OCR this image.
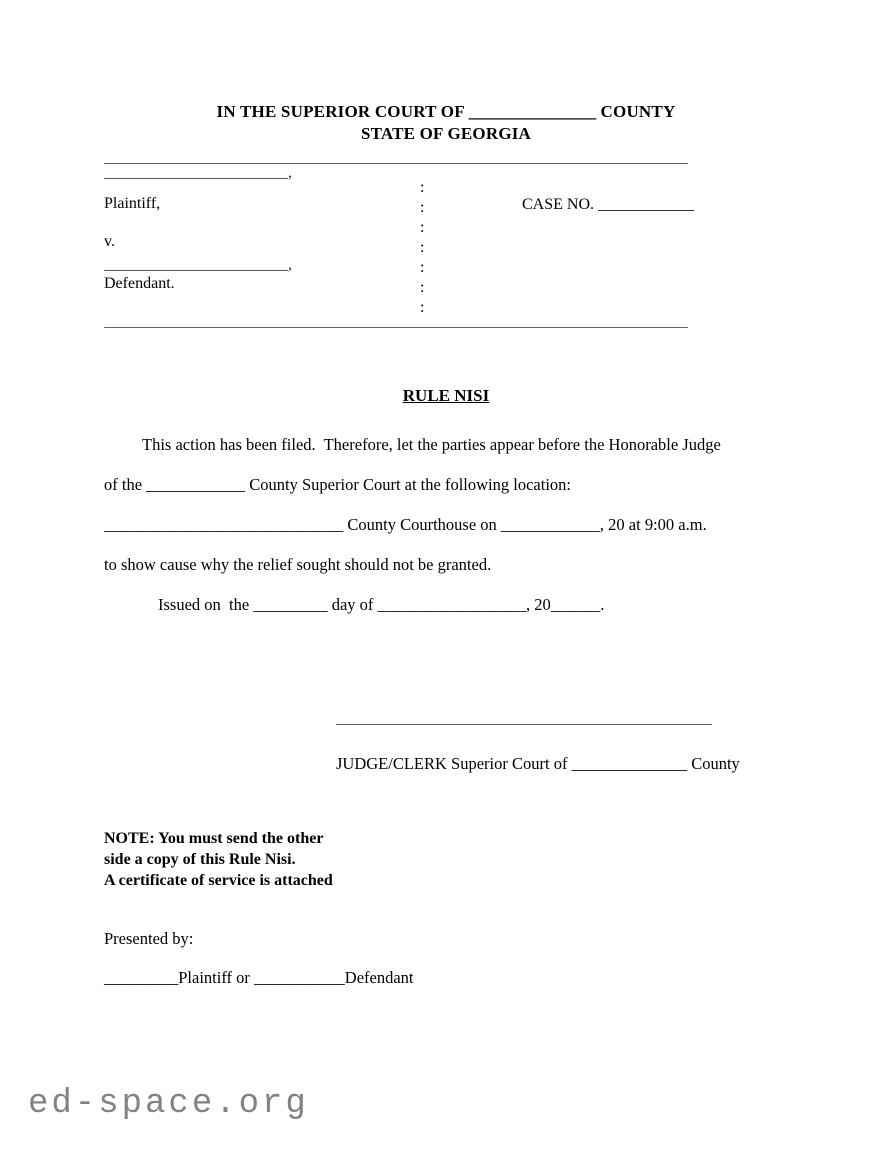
IN THE SUPERIOR COURT OF _______________ COUNTY
STATE OF GEORGIA
_________________________________________________________________________
_______________________,
Plaintiff,
v.
_______________________,
Defendant.
:
:
:
:
:
:
:
CASE NO. ____________
_________________________________________________________________________
RULE NISI
This action has been filed.  Therefore, let the parties appear before the Honorable Judge
of the ____________ County Superior Court at the following location:
_____________________________ County Courthouse on ____________, 20 at 9:00 a.m.
to show cause why the relief sought should not be granted.
Issued on  the _________ day of __________________, 20______.
_______________________________________________
JUDGE/CLERK Superior Court of ______________ County
NOTE: You must send the other
side a copy of this Rule Nisi.
A certificate of service is attached
Presented by:
_________Plaintiff or ___________Defendant
ed-space.org
